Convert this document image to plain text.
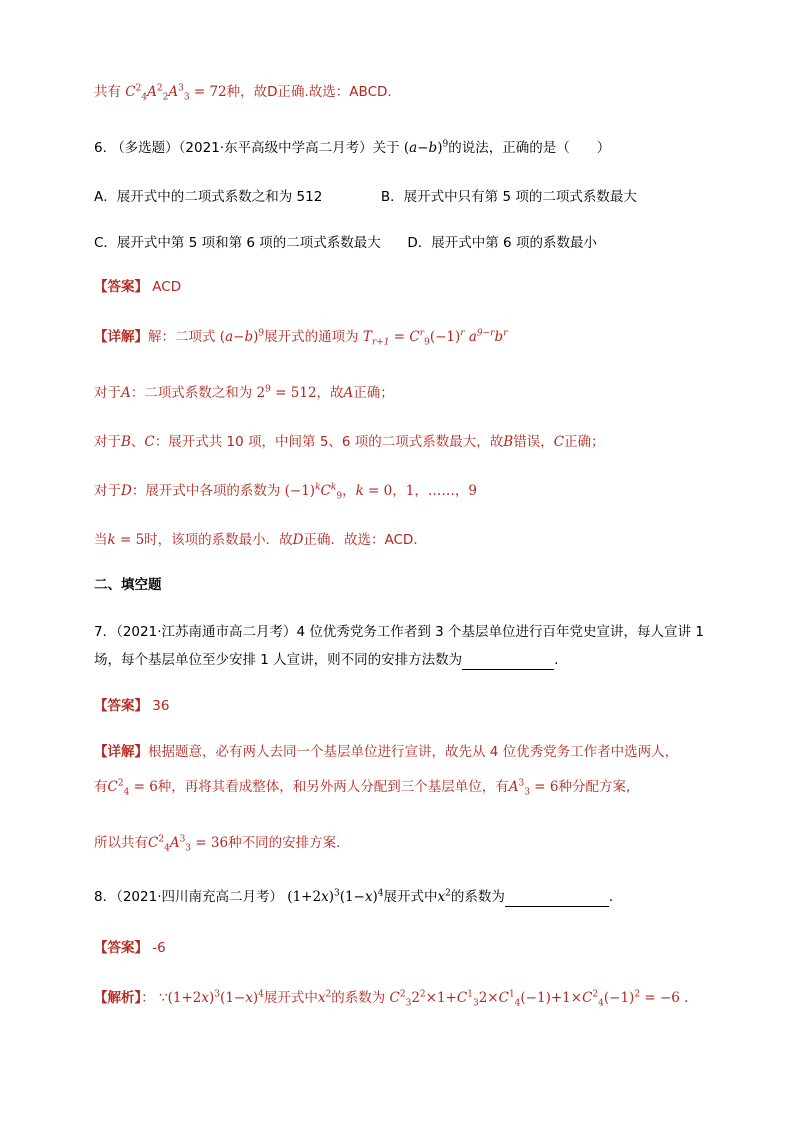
共有 $C^2_4A^2_2A^3_3 = 72$种，故D正确.故选：ABCD.
6. （多选题）（2021·东平高级中学高二月考）关于 $(a-b)^9$的说法，正确的是（　　）
A．展开式中的二项式系数之和为 512	B．展开式中只有第 5 项的二项式系数最大
C．展开式中第 5 项和第 6 项的二项式系数最大 D．展开式中第 6 项的系数最小
【答案】 ACD
【详解】解：二项式 $(a-b)^9$展开式的通项为 $T_{r+1} = C^r_9(-1)^r$ $a^{9-r}b^r$
对于A：二项式系数之和为 $2^9 = 512$，故A正确；
对于B、C：展开式共 10 项，中间第 5、6 项的二项式系数最大，故B错误，C正确；
对于D：展开式中各项的系数为 $(-1)^kC^k_9$，k = 0，1，……，9
当k = 5时，该项的系数最小．故D正确．故选：ACD．
二、填空题
7．（2021·江苏南通市高二月考）4 位优秀党务工作者到 3 个基层单位进行百年党史宣讲，每人宣讲 1
场，每个基层单位至少安排 1 人宣讲，则不同的安排方法数为	.
【答案】 36
【详解】根据题意，必有两人去同一个基层单位进行宣讲，故先从 4 位优秀党务工作者中选两人，
有$C^2_4 = 6$种，再将其看成整体，和另外两人分配到三个基层单位，有$A^3_3 = 6$种分配方案,
所以共有$C^2_4A^3_3 = 36$种不同的安排方案.
8．（2021·四川南充高二月考） $(1+2x)^3(1-x)^4$展开式中$x^2$的系数为	.
【答案】 -6
【解析】： $\because(1+2x)^3(1-x)^4$展开式中$x^2$的系数为 $C^2_32^2\times 1+C^1_32\times C^1_4(-1)+1\times C^2_4(-1)^2 = -6$ .
